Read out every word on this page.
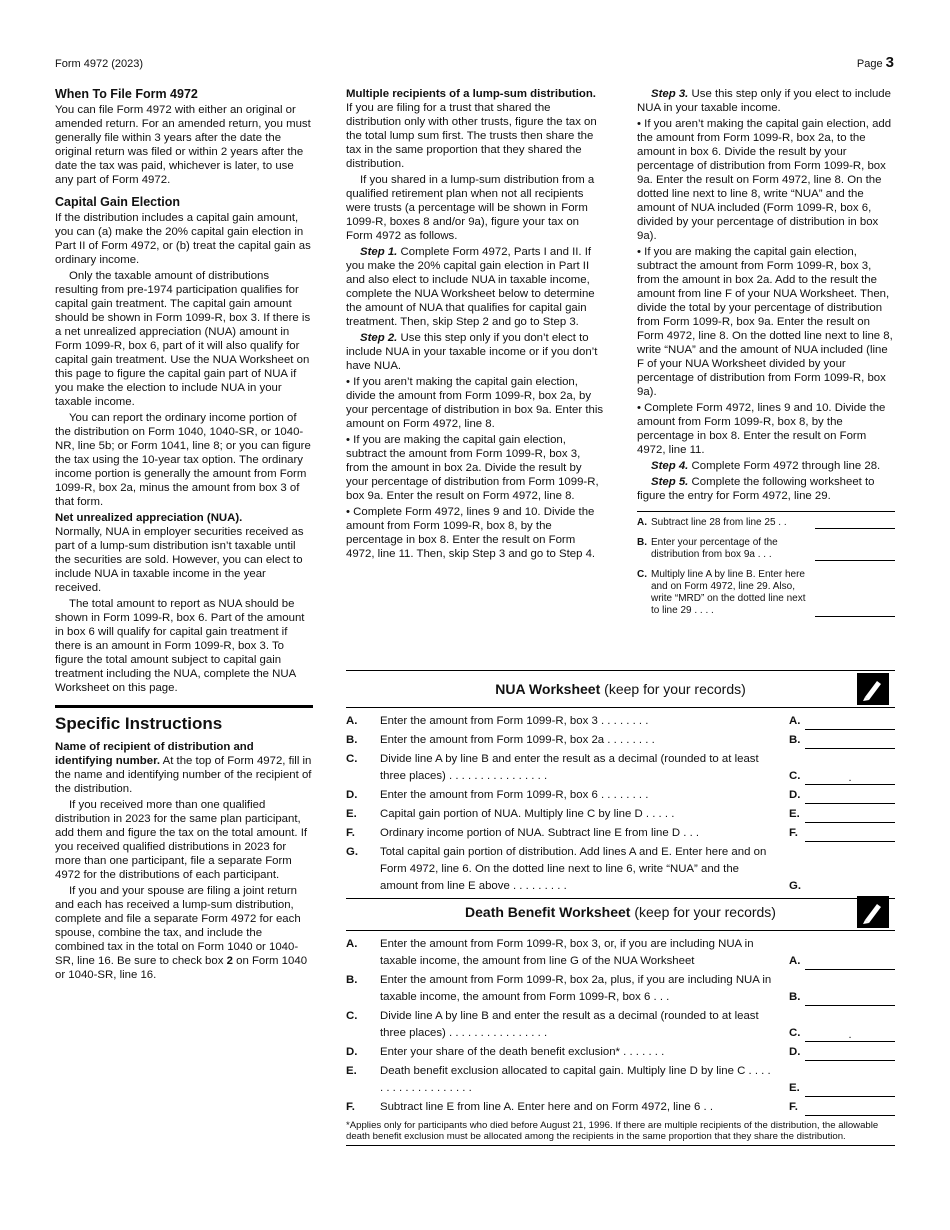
Form 4972 (2023)	Page 3
When To File Form 4972

You can file Form 4972 with either an original or amended return. For an amended return, you must generally file within 3 years after the date the original return was filed or within 2 years after the date the tax was paid, whichever is later, to use any part of Form 4972.

Capital Gain Election

If the distribution includes a capital gain amount, you can (a) make the 20% capital gain election in Part II of Form 4972, or (b) treat the capital gain as ordinary income.

Only the taxable amount of distributions resulting from pre-1974 participation qualifies for capital gain treatment. The capital gain amount should be shown in Form 1099-R, box 3. If there is a net unrealized appreciation (NUA) amount in Form 1099-R, box 6, part of it will also qualify for capital gain treatment. Use the NUA Worksheet on this page to figure the capital gain part of NUA if you make the election to include NUA in your taxable income.

You can report the ordinary income portion of the distribution on Form 1040, 1040-SR, or 1040-NR, line 5b; or Form 1041, line 8; or you can figure the tax using the 10-year tax option. The ordinary income portion is generally the amount from Form 1099-R, box 2a, minus the amount from box 3 of that form.

Net unrealized appreciation (NUA).

Normally, NUA in employer securities received as part of a lump-sum distribution isn’t taxable until the securities are sold. However, you can elect to include NUA in taxable income in the year received.

The total amount to report as NUA should be shown in Form 1099-R, box 6. Part of the amount in box 6 will qualify for capital gain treatment if there is an amount in Form 1099-R, box 3. To figure the total amount subject to capital gain treatment including the NUA, complete the NUA Worksheet on this page.

Specific Instructions

Name of recipient of distribution and identifying number. At the top of Form 4972, fill in the name and identifying number of the recipient of the distribution.

If you received more than one qualified distribution in 2023 for the same plan participant, add them and figure the tax on the total amount. If you received qualified distributions in 2023 for more than one participant, file a separate Form 4972 for the distributions of each participant.

If you and your spouse are filing a joint return and each has received a lump-sum distribution, complete and file a separate Form 4972 for each spouse, combine the tax, and include the combined tax in the total on Form 1040 or 1040-SR, line 16. Be sure to check box 2 on Form 1040 or 1040-SR, line 16.

Multiple recipients of a lump-sum distribution. If you are filing for a trust that shared the distribution only with other trusts, figure the tax on the total lump sum first. The trusts then share the tax in the same proportion that they shared the distribution.

If you shared in a lump-sum distribution from a qualified retirement plan when not all recipients were trusts (a percentage will be shown in Form 1099-R, boxes 8 and/or 9a), figure your tax on Form 4972 as follows.

Step 1. Complete Form 4972, Parts I and II. If you make the 20% capital gain election in Part II and also elect to include NUA in taxable income, complete the NUA Worksheet below to determine the amount of NUA that qualifies for capital gain treatment. Then, skip Step 2 and go to Step 3.

Step 2. Use this step only if you don’t elect to include NUA in your taxable income or if you don’t have NUA.

• If you aren’t making the capital gain election, divide the amount from Form 1099-R, box 2a, by your percentage of distribution in box 9a. Enter this amount on Form 4972, line 8.

• If you are making the capital gain election, subtract the amount from Form 1099-R, box 3, from the amount in box 2a. Divide the result by your percentage of distribution from Form 1099-R, box 9a. Enter the result on Form 4972, line 8.

• Complete Form 4972, lines 9 and 10. Divide the amount from Form 1099-R, box 8, by the percentage in box 8. Enter the result on Form 4972, line 11. Then, skip Step 3 and go to Step 4.

Step 3. Use this step only if you elect to include NUA in your taxable income.

• If you aren’t making the capital gain election, add the amount from Form 1099-R, box 2a, to the amount in box 6. Divide the result by your percentage of distribution from Form 1099-R, box 9a. Enter the result on Form 4972, line 8. On the dotted line next to line 8, write “NUA” and the amount of NUA included (Form 1099-R, box 6, divided by your percentage of distribution in box 9a).

• If you are making the capital gain election, subtract the amount from Form 1099-R, box 3, from the amount in box 2a. Add to the result the amount from line F of your NUA Worksheet. Then, divide the total by your percentage of distribution from Form 1099-R, box 9a. Enter the result on Form 4972, line 8. On the dotted line next to line 8, write “NUA” and the amount of NUA included (line F of your NUA Worksheet divided by your percentage of distribution from Form 1099-R, box 9a).

• Complete Form 4972, lines 9 and 10. Divide the amount from Form 1099-R, box 8, by the percentage in box 8. Enter the result on Form 4972, line 11.

Step 4. Complete Form 4972 through line 28.

Step 5. Complete the following worksheet to figure the entry for Form 4972, line 29.

A. Subtract line 28 from line 25 . .
B. Enter your percentage of the distribution from box 9a . . .
C. Multiply line A by line B. Enter here and on Form 4972, line 29. Also, write “MRD” on the dotted line next to line 29 . . . .
NUA Worksheet (keep for your records)
A.	Enter the amount from Form 1099-R, box 3 . . . . . . . .	A.
B.	Enter the amount from Form 1099-R, box 2a . . . . . . . .	B.
C.	Divide line A by line B and enter the result as a decimal (rounded to at least three places) . . . . . . . . . . . . . . . .	C.	.
D.	Enter the amount from Form 1099-R, box 6 . . . . . . . .	D.
E.	Capital gain portion of NUA. Multiply line C by line D . . . . .	E.
F.	Ordinary income portion of NUA. Subtract line E from line D . . .	F.
G.	Total capital gain portion of distribution. Add lines A and E. Enter here and on Form 4972, line 6. On the dotted line next to line 6, write “NUA” and the amount from line E above . . . . . . . . .	G.
Death Benefit Worksheet (keep for your records)
A.	Enter the amount from Form 1099-R, box 3, or, if you are including NUA in taxable income, the amount from line G of the NUA Worksheet	A.
B.	Enter the amount from Form 1099-R, box 2a, plus, if you are including NUA in taxable income, the amount from Form 1099-R, box 6 . . .	B.
C.	Divide line A by line B and enter the result as a decimal (rounded to at least three places) . . . . . . . . . . . . . . . .	C.	.
D.	Enter your share of the death benefit exclusion* . . . . . . .	D.
E.	Death benefit exclusion allocated to capital gain. Multiply line D by line C . . . . . . . . . . . . . . . . . . .	E.
F.	Subtract line E from line A. Enter here and on Form 4972, line 6 . .	F.
*Applies only for participants who died before August 21, 1996. If there are multiple recipients of the distribution, the allowable death benefit exclusion must be allocated among the recipients in the same proportion that they share the distribution.
